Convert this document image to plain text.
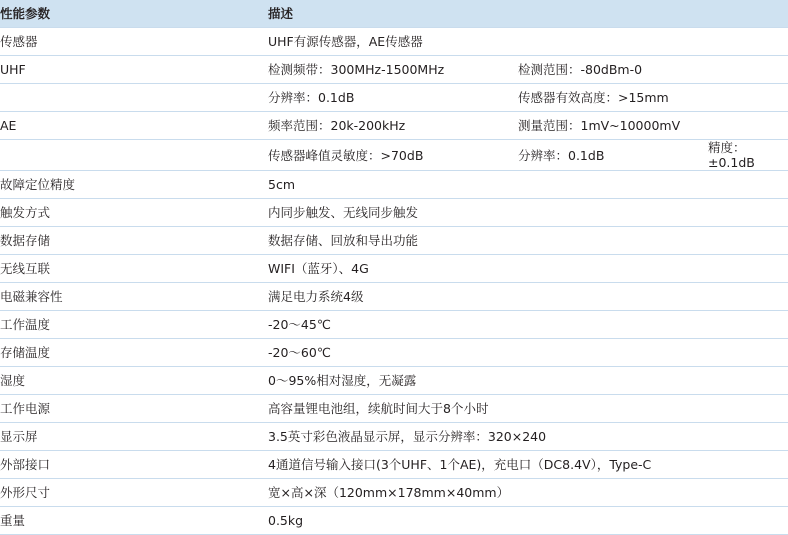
性能参数	描述		
传感器	UHF有源传感器，AE传感器		
UHF	检测频带：300MHz-1500MHz	检测范围：-80dBm-0	
	分辨率：0.1dB	传感器有效高度：>15mm	
AE	频率范围：20k-200kHz	测量范围：1mV~10000mV	
	传感器峰值灵敏度：>70dB	分辨率：0.1dB	精度：±0.1dB
故障定位精度	5cm		
触发方式	内同步触发、无线同步触发		
数据存储	数据存储、回放和导出功能		
无线互联	WIFI（蓝牙）、4G		
电磁兼容性	满足电力系统4级		
工作温度	-20～45℃		
存储温度	-20～60℃		
湿度	0～95%相对湿度，无凝露		
工作电源	高容量锂电池组，续航时间大于8个小时		
显示屏	3.5英寸彩色液晶显示屏，显示分辨率：320×240		
外部接口	4通道信号输入接口(3个UHF、1个AE)，充电口（DC8.4V），Type-C		
外形尺寸	宽×高×深（120mm×178mm×40mm）		
重量	0.5kg		
